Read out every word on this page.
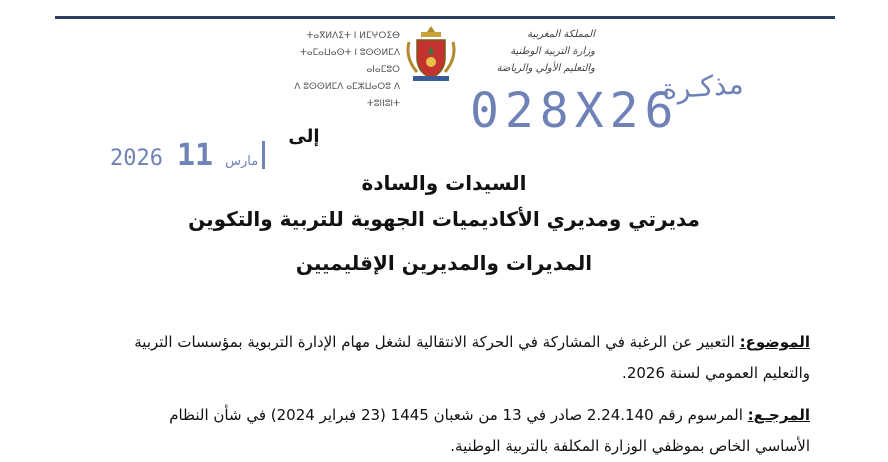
ⵜⴰⴳⵍⴷⵉⵜ ⵏ ⵍⵎⵖⵔⵉⴱ
ⵜⴰⵎⴰⵡⴰⵙⵜ ⵏ ⵓⵙⵙⵍⵎⴷ ⴰⵏⴰⵎⵓⵔ
ⴷ ⵓⵙⵙⵍⵎⴷ ⴰⵎⵣⵡⴰⵔⵓ ⴷ ⵜⵓⵏⵏⵓⵏⵜ
المملكة المغربية
وزارة التربية الوطنية
والتعليم الأولي والرياضة مذكـرة
028X26
2026	مارس11
إلى
السيدات والسادة
مديرتي ومديري الأكاديميات الجهوية للتربية والتكوين
المديرات والمديرين الإقليميين
الموضوع: التعبير عن الرغبة في المشاركة في الحركة الانتقالية لشغل مهام الإدارة التربوية بمؤسسات التربية والتعليم العمومي لسنة 2026.
المرجـع: المرسوم رقم 2.24.140 صادر في 13 من شعبان 1445 (23 فبراير 2024) في شأن النظام الأساسي الخاص بموظفي الوزارة المكلفة بالتربية الوطنية.
